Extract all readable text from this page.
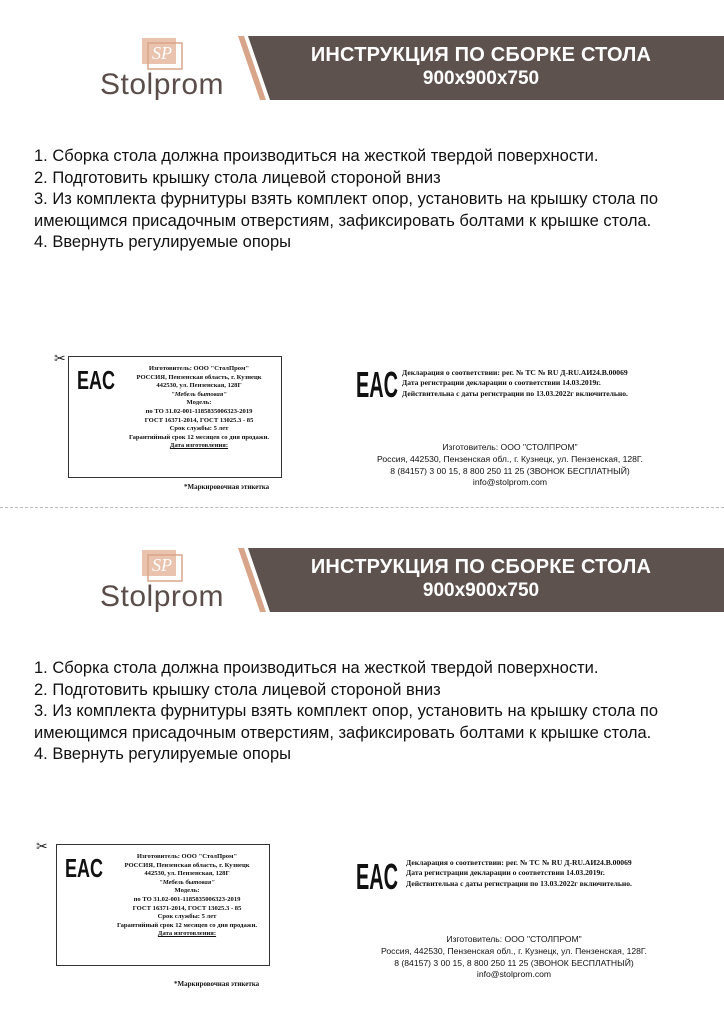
SP
Stolprom
ИНСТРУКЦИЯ ПО СБОРКЕ СТОЛА
900x900x750

1. Сборка стола должна производиться на жесткой твердой поверхности.

2. Подготовить крышку стола лицевой стороной вниз

3. Из комплекта фурнитуры взять комплект опор, установить на крышку стола по имеющимся присадочным отверстиям, зафиксировать болтами к крышке стола.

4. Ввернуть регулируемые опоры

✂
EAC	Изготовитель: ООО "СтолПром"
РОССИЯ, Пензенская область, г. Кузнецк
442530, ул. Пензенская, 128Г
"Мебель бытовая"
Модель:
по ТО 31.02-001-1185835006323-2019
ГОСТ 16371-2014, ГОСТ 13025.3 - 85
Срок службы: 5 лет
Гарантийный срок 12 месяцев со дня продажи.
Дата изготовления:
*Маркировочная этикетка
EAC Декларация о соответствии: рег. № ТС № RU Д-RU.АИ24.В.00069
Дата регистрации декларации о соответствии 14.03.2019г.
Действительна с даты регистрации по 13.03.2022г включительно.
Изготовитель: ООО "СТОЛПРОМ"
Россия, 442530, Пензенская обл., г. Кузнецк, ул. Пензенская, 128Г.
8 (84157) 3 00 15, 8 800 250 11 25 (ЗВОНОК БЕСПЛАТНЫЙ)
info@stolprom.com
SP
Stolprom
ИНСТРУКЦИЯ ПО СБОРКЕ СТОЛА
900x900x750

1. Сборка стола должна производиться на жесткой твердой поверхности.

2. Подготовить крышку стола лицевой стороной вниз

3. Из комплекта фурнитуры взять комплект опор, установить на крышку стола по имеющимся присадочным отверстиям, зафиксировать болтами к крышке стола.

4. Ввернуть регулируемые опоры

✂
EAC	Изготовитель: ООО "СтолПром"
РОССИЯ, Пензенская область, г. Кузнецк
442530, ул. Пензенская, 128Г
"Мебель бытовая"
Модель:
по ТО 31.02-001-1185835006323-2019
ГОСТ 16371-2014, ГОСТ 13025.3 - 85
Срок службы: 5 лет
Гарантийный срок 12 месяцев со дня продажи.
Дата изготовления:
*Маркировочная этикетка
EAC Декларация о соответствии: рег. № ТС № RU Д-RU.АИ24.В.00069
Дата регистрации декларации о соответствии 14.03.2019г.
Действительна с даты регистрации по 13.03.2022г включительно.
Изготовитель: ООО "СТОЛПРОМ"
Россия, 442530, Пензенская обл., г. Кузнецк, ул. Пензенская, 128Г.
8 (84157) 3 00 15, 8 800 250 11 25 (ЗВОНОК БЕСПЛАТНЫЙ)
info@stolprom.com
